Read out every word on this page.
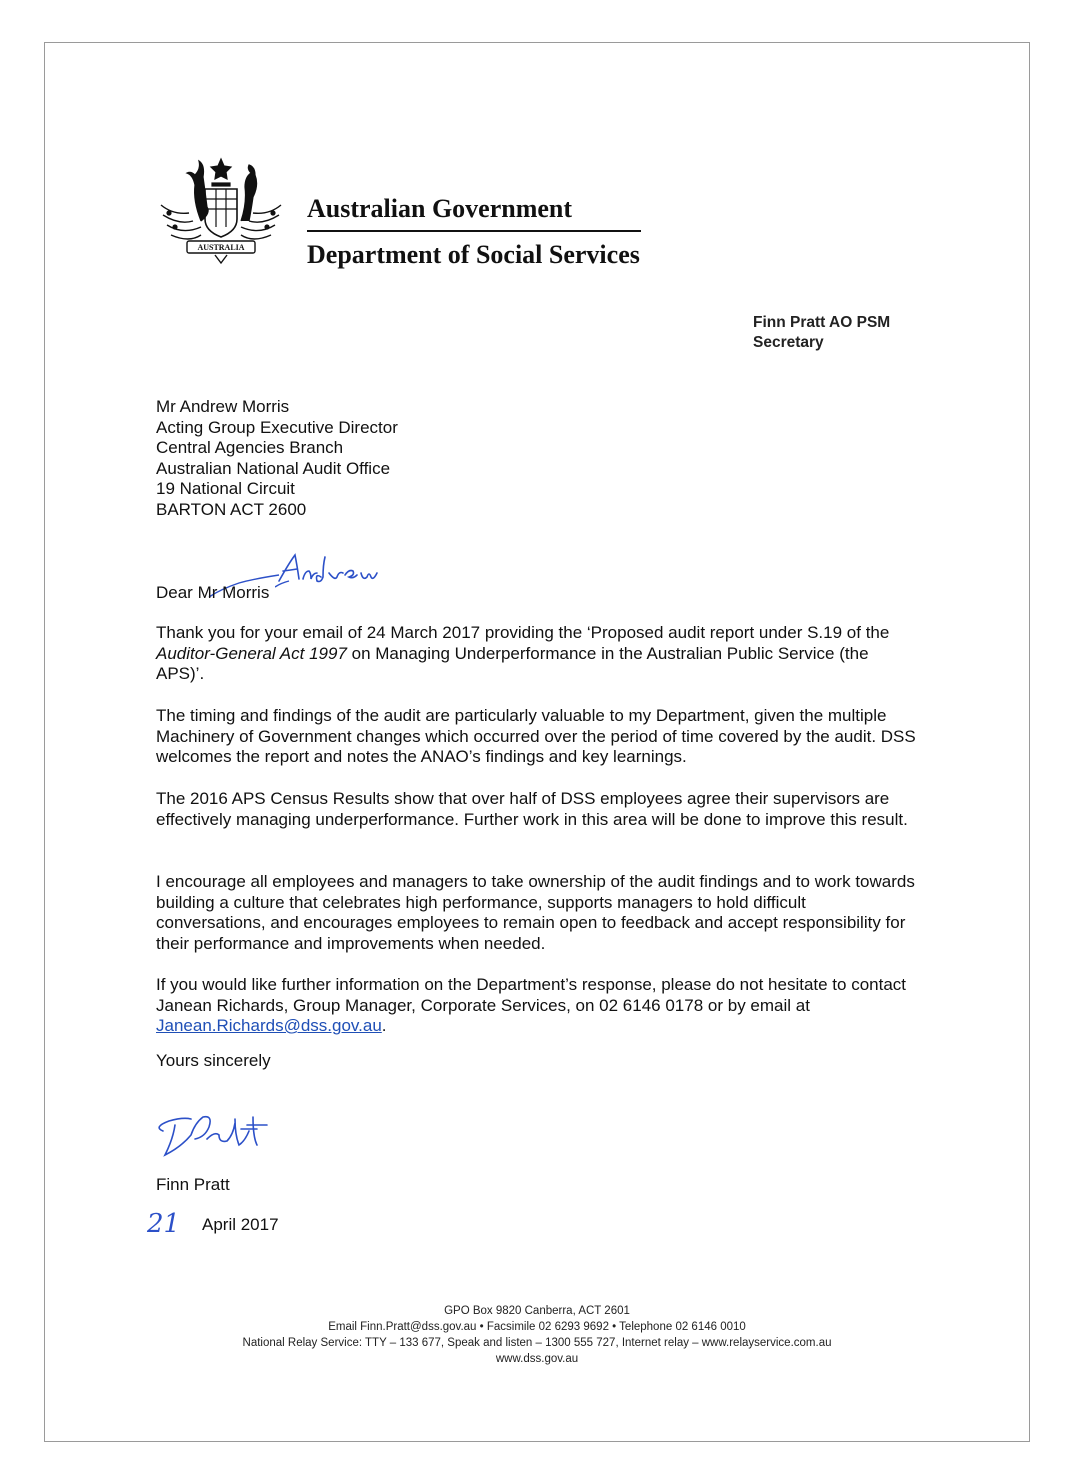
AUSTRALIA
Australian Government
Department of Social Services
Finn Pratt AO PSM
Secretary
Mr Andrew Morris
Acting Group Executive Director
Central Agencies Branch
Australian National Audit Office
19 National Circuit
BARTON ACT 2600
Dear Mr Morris
Thank you for your email of 24 March 2017 providing the ‘Proposed audit report under S.19 of the Auditor-General Act 1997 on Managing Underperformance in the Australian Public Service (the APS)’.
The timing and findings of the audit are particularly valuable to my Department, given the multiple Machinery of Government changes which occurred over the period of time covered by the audit. DSS welcomes the report and notes the ANAO’s findings and key learnings.
The 2016 APS Census Results show that over half of DSS employees agree their supervisors are effectively managing underperformance. Further work in this area will be done to improve this result.
I encourage all employees and managers to take ownership of the audit findings and to work towards building a culture that celebrates high performance, supports managers to hold difficult conversations, and encourages employees to remain open to feedback and accept responsibility for their performance and improvements when needed.
If you would like further information on the Department’s response, please do not hesitate to contact Janean Richards, Group Manager, Corporate Services, on 02 6146 0178 or by email at Janean.Richards@dss.gov.au.
Yours sincerely
Finn Pratt
21 April 2017
GPO Box 9820 Canberra, ACT 2601
Email Finn.Pratt@dss.gov.au • Facsimile 02 6293 9692 • Telephone 02 6146 0010
National Relay Service: TTY – 133 677, Speak and listen – 1300 555 727, Internet relay – www.relayservice.com.au
www.dss.gov.au
